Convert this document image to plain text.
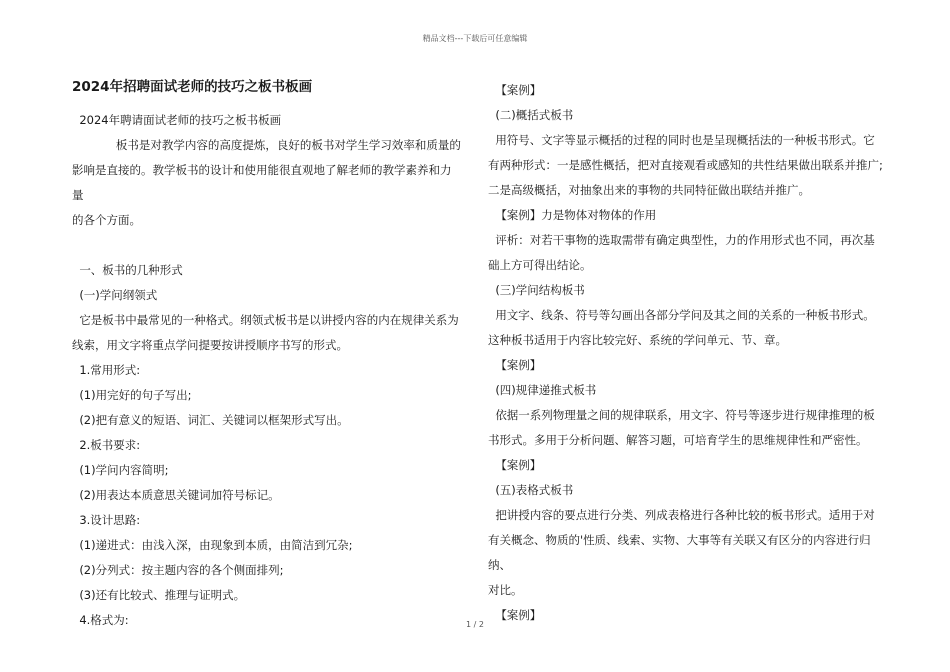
精品文档---下载后可任意编辑
2024年招聘面试老师的技巧之板书板画
2024年聘请面试老师的技巧之板书板画
板书是对教学内容的高度提炼，良好的板书对学生学习效率和质量的
影响是直接的。教学板书的设计和使用能很直观地了解老师的教学素养和力量
的各个方面。
一、板书的几种形式
(一)学问纲领式
它是板书中最常见的一种格式。纲领式板书是以讲授内容的内在规律关系为
线索，用文字将重点学问提要按讲授顺序书写的形式。
1.常用形式:
(1)用完好的句子写出;
(2)把有意义的短语、词汇、关键词以框架形式写出。
2.板书要求:
(1)学问内容简明;
(2)用表达本质意思关键词加符号标记。
3.设计思路:
(1)递进式：由浅入深，由现象到本质，由简洁到冗杂;
(2)分列式：按主题内容的各个侧面排列;
(3)还有比较式、推理与证明式。
4.格式为:
【案例】
(二)概括式板书
用符号、文字等显示概括的过程的同时也是呈现概括法的一种板书形式。它
有两种形式：一是感性概括，把对直接观看或感知的共性结果做出联系并推广;
二是高级概括，对抽象出来的事物的共同特征做出联结并推广。
【案例】力是物体对物体的作用
评析：对若干事物的选取需带有确定典型性，力的作用形式也不同，再次基
础上方可得出结论。
(三)学问结构板书
用文字、线条、符号等勾画出各部分学问及其之间的关系的一种板书形式。
这种板书适用于内容比较完好、系统的学问单元、节、章。
【案例】
(四)规律递推式板书
依据一系列物理量之间的规律联系，用文字、符号等逐步进行规律推理的板
书形式。多用于分析问题、解答习题，可培育学生的思维规律性和严密性。
【案例】
(五)表格式板书
把讲授内容的要点进行分类、列成表格进行各种比较的板书形式。适用于对
有关概念、物质的'性质、线索、实物、大事等有关联又有区分的内容进行归纳、
对比。
【案例】
1 / 2
